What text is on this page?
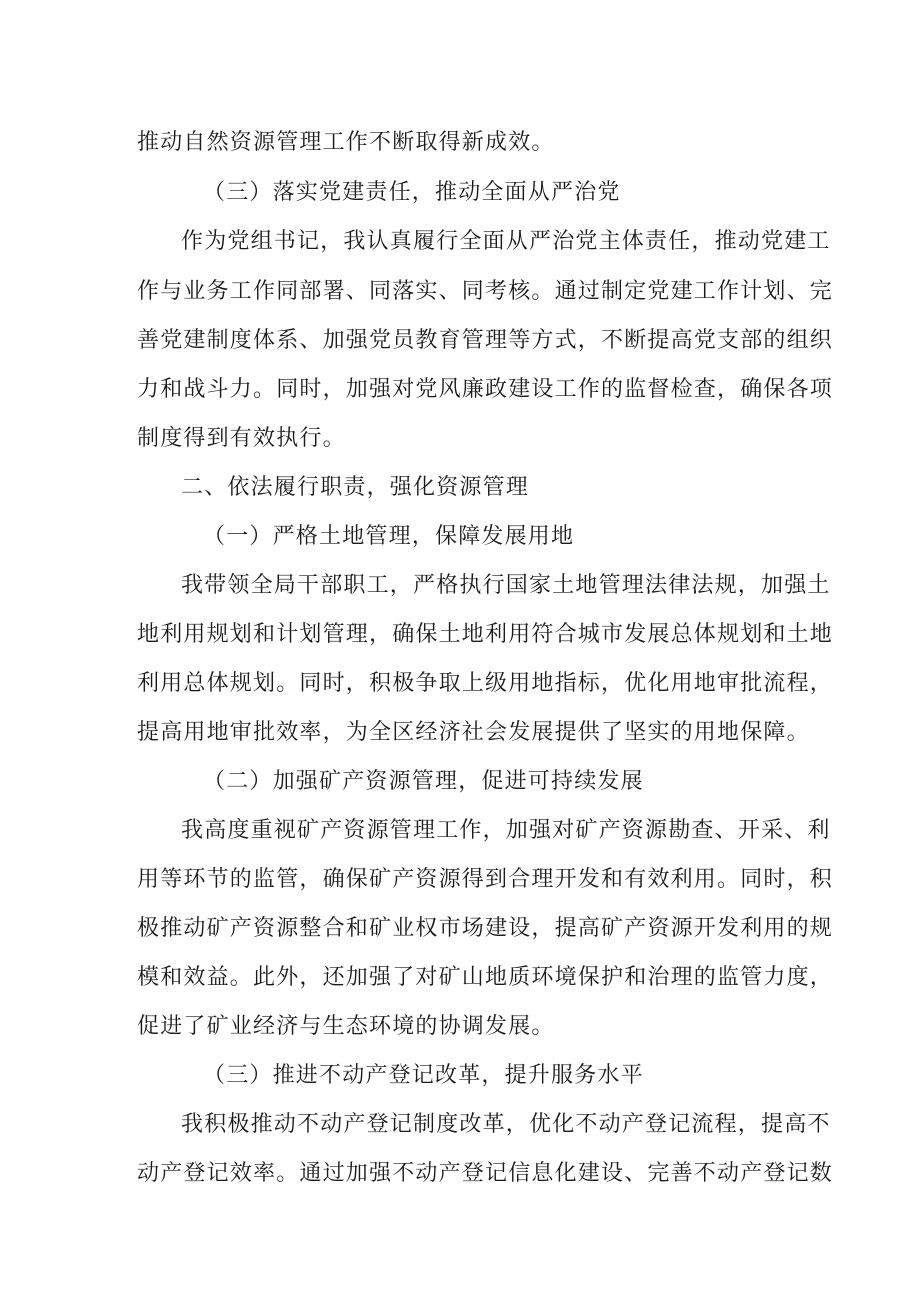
推动自然资源管理工作不断取得新成效。
（三）落实党建责任，推动全面从严治党
作为党组书记，我认真履行全面从严治党主体责任，推动党建工
作与业务工作同部署、同落实、同考核。通过制定党建工作计划、完
善党建制度体系、加强党员教育管理等方式，不断提高党支部的组织
力和战斗力。同时，加强对党风廉政建设工作的监督检查，确保各项
制度得到有效执行。
二、依法履行职责，强化资源管理
（一）严格土地管理，保障发展用地
我带领全局干部职工，严格执行国家土地管理法律法规，加强土
地利用规划和计划管理，确保土地利用符合城市发展总体规划和土地
利用总体规划。同时，积极争取上级用地指标，优化用地审批流程，
提高用地审批效率，为全区经济社会发展提供了坚实的用地保障。
（二）加强矿产资源管理，促进可持续发展
我高度重视矿产资源管理工作，加强对矿产资源勘查、开采、利
用等环节的监管，确保矿产资源得到合理开发和有效利用。同时，积
极推动矿产资源整合和矿业权市场建设，提高矿产资源开发利用的规
模和效益。此外，还加强了对矿山地质环境保护和治理的监管力度，
促进了矿业经济与生态环境的协调发展。
（三）推进不动产登记改革，提升服务水平
我积极推动不动产登记制度改革，优化不动产登记流程，提高不
动产登记效率。通过加强不动产登记信息化建设、完善不动产登记数
